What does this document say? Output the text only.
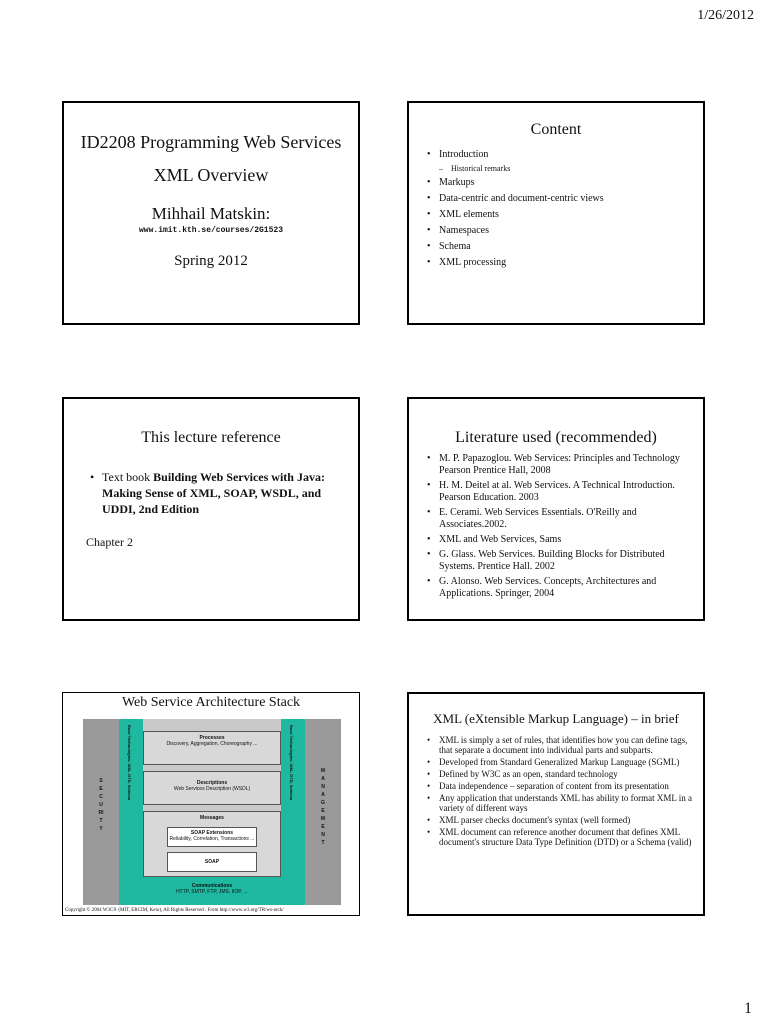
1/26/2012
ID2208 Programming Web Services
XML Overview
Mihhail Matskin:
www.imit.kth.se/courses/2G1523
Spring 2012
Content
• Introduction
– Historical remarks
• Markups
• Data-centric and document-centric views
• XML elements
• Namespaces
• Schema
• XML processing
This lecture reference
• Text book Building Web Services with Java: Making Sense of XML, SOAP, WSDL, and UDDI, 2nd Edition
Chapter 2
Literature used (recommended)
• M. P. Papazoglou. Web Services: Principles and Technology Pearson Prentice Hall, 2008
• H. M. Deitel at al. Web Services. A Technical Introduction. Pearson Education. 2003
• E. Cerami. Web Services Essentials. O'Reilly and Associates.2002.
• XML and Web Services, Sams
• G. Glass. Web Services. Building Blocks for Distributed Systems. Prentice Hall. 2002
• G. Alonso. Web Services. Concepts, Architectures and Applications. Springer, 2004
Web Service Architecture Stack
SECURITY
MANAGEMENT
Base Technologies: XML, DTD, Schema	Base Technologies: XML, DTD, Schema
Processes
Discovery, Aggregation, Choreography ...
Descriptions
Web Services Description (WSDL)
Messages
SOAP Extensions
Reliability, Correlation, Transactions ...
SOAP
Communications
HTTP, SMTP, FTP, JMS, IIOP, ...
Copyright © 2004 W3C® (MIT, ERCIM, Keio), All Rights Reserved . From http://www.w3.org/TR/ws-arch/
XML (eXtensible Markup Language) – in brief
• XML is simply a set of rules, that identifies how you can define tags, that separate a document into individual parts and subparts.
• Developed from Standard Generalized Markup Language (SGML)
• Defined by W3C as an open, standard technology
• Data independence – separation of content from its presentation
• Any application that understands XML has ability to format XML in a variety of different ways
• XML parser checks document's syntax (well formed)
• XML document can reference another document that defines XML document's structure Data Type Definition (DTD) or a Schema (valid)
1
